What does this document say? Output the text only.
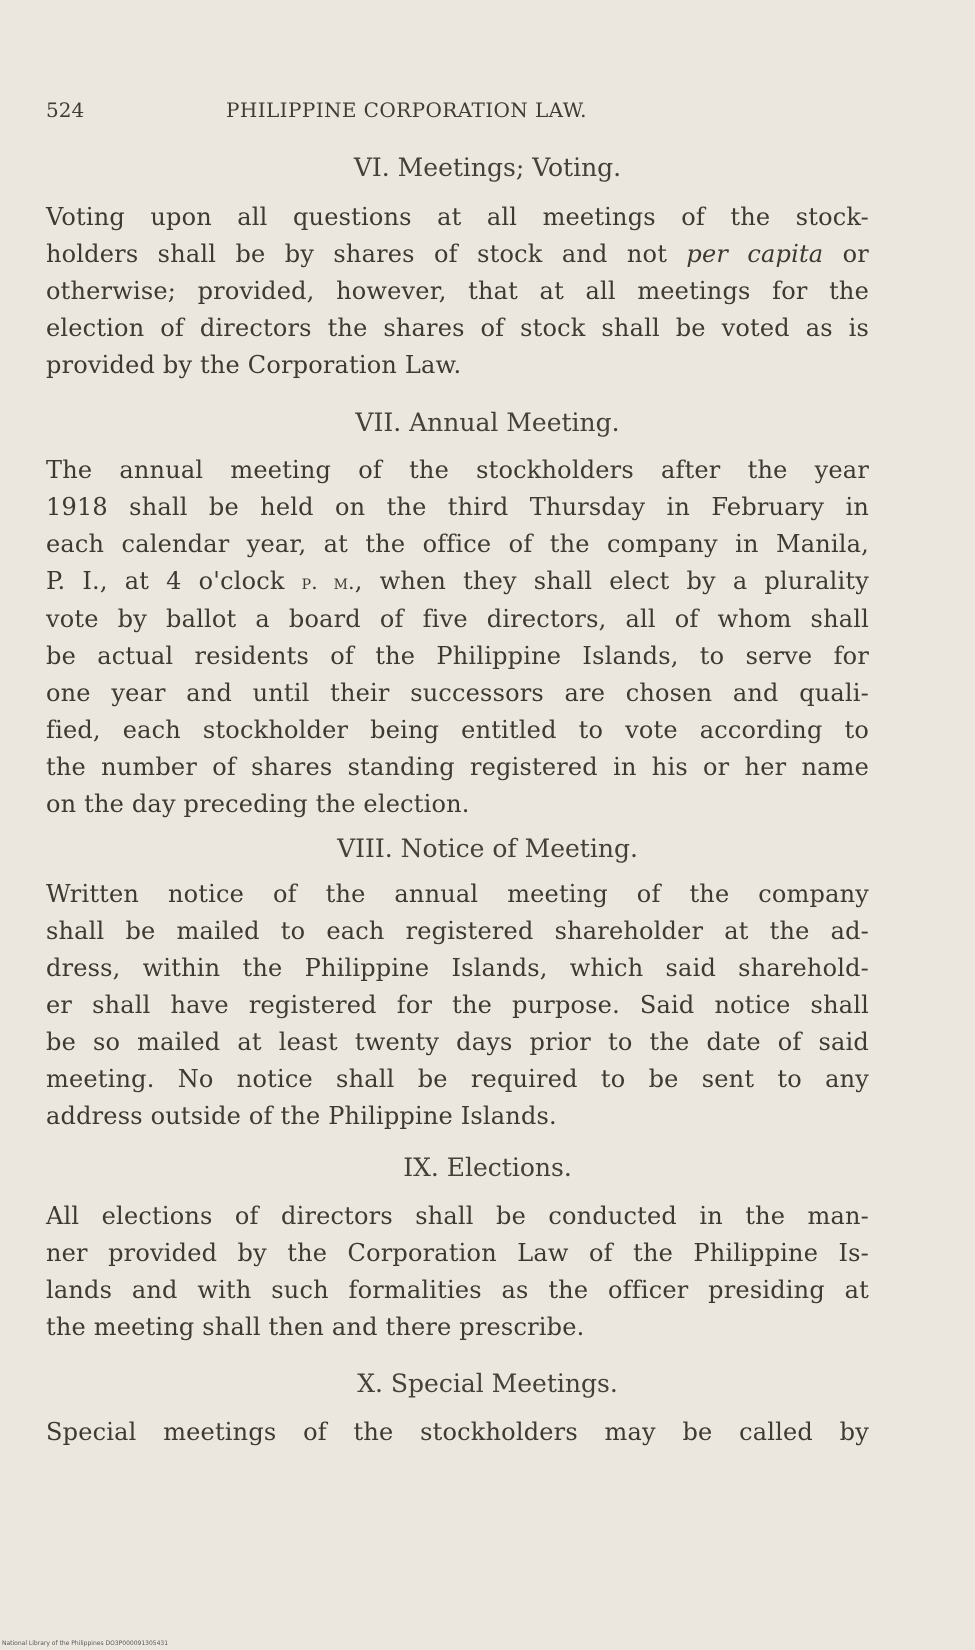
524	PHILIPPINE CORPORATION LAW.
VI. Meetings; Voting.
Voting upon all questions at all meetings of the stock-
holders shall be by shares of stock and not per capita or
otherwise; provided, however, that at all meetings for the
election of directors the shares of stock shall be voted as is
provided by the Corporation Law.
VII. Annual Meeting.
The annual meeting of the stockholders after the year
1918 shall be held on the third Thursday in February in
each calendar year, at the office of the company in Manila,
P. I., at 4 o'clock p. m., when they shall elect by a plurality
vote by ballot a board of five directors, all of whom shall
be actual residents of the Philippine Islands, to serve for
one year and until their successors are chosen and quali-
fied, each stockholder being entitled to vote according to
the number of shares standing registered in his or her name
on the day preceding the election.
VIII. Notice of Meeting.
Written notice of the annual meeting of the company
shall be mailed to each registered shareholder at the ad-
dress, within the Philippine Islands, which said sharehold-
er shall have registered for the purpose. Said notice shall
be so mailed at least twenty days prior to the date of said
meeting. No notice shall be required to be sent to any
address outside of the Philippine Islands.
IX. Elections.
All elections of directors shall be conducted in the man-
ner provided by the Corporation Law of the Philippine Is-
lands and with such formalities as the officer presiding at
the meeting shall then and there prescribe.
X. Special Meetings.
Special meetings of the stockholders may be called by
National Library of the Philippines DO3P000091305431
